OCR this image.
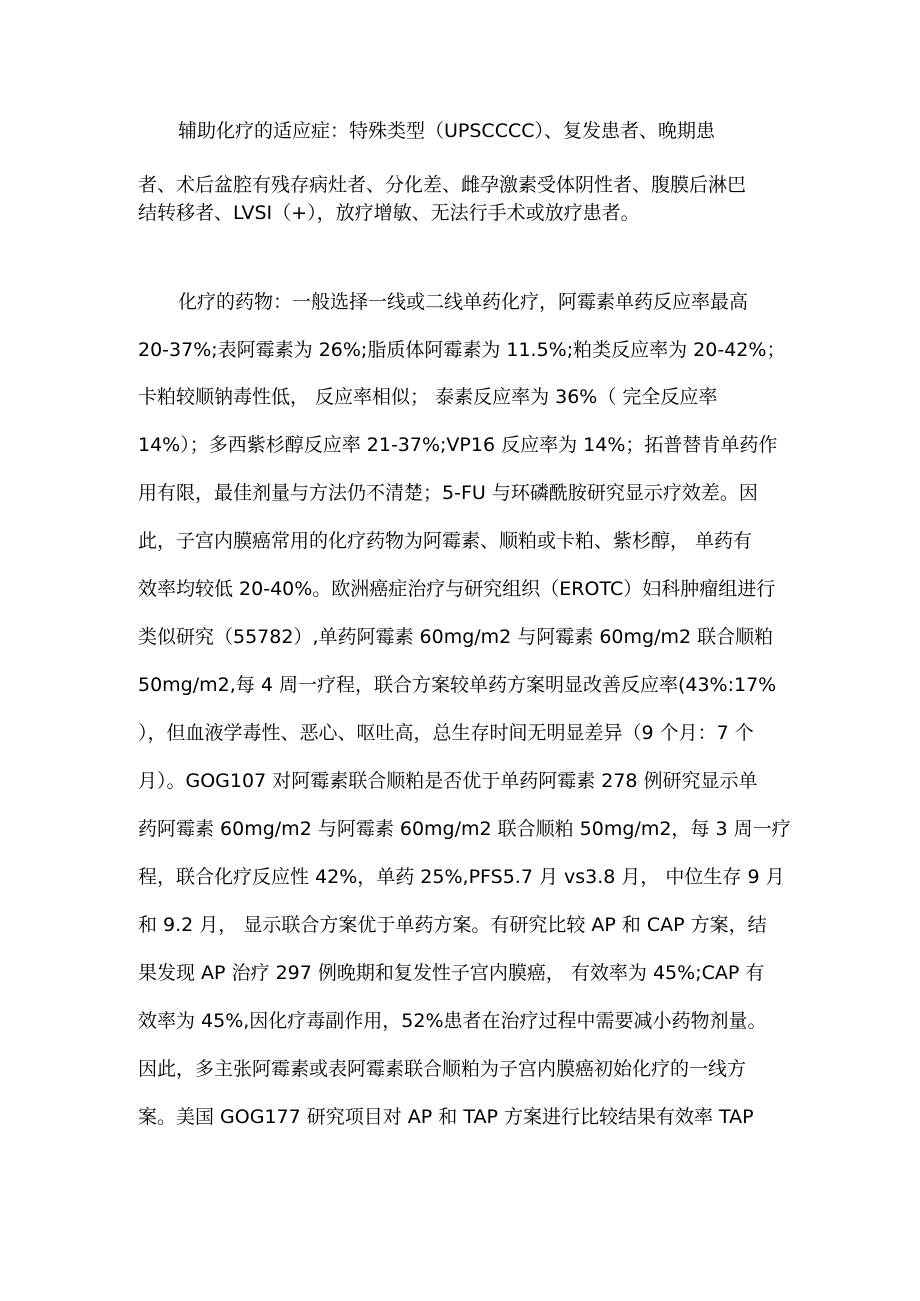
辅助化疗的适应症：特殊类型（UPSCCCC）、复发患者、晚期患
者、术后盆腔有残存病灶者、分化差、雌孕激素受体阴性者、腹膜后淋巴
结转移者、LVSI（+），放疗增敏、无法行手术或放疗患者。
化疗的药物：一般选择一线或二线单药化疗，阿霉素单药反应率最高
20-37%;表阿霉素为 26%;脂质体阿霉素为 11.5%;粕类反应率为 20-42%；
卡粕较顺钠毒性低， 反应率相似； 泰素反应率为 36%（ 完全反应率
14%）；多西紫杉醇反应率 21-37%;VP16 反应率为 14%；拓普替肯单药作
用有限，最佳剂量与方法仍不清楚；5-FU 与环磷酰胺研究显示疗效差。因
此，子宫内膜癌常用的化疗药物为阿霉素、顺粕或卡粕、紫杉醇， 单药有
效率均较低 20-40%。欧洲癌症治疗与研究组织（EROTC）妇科肿瘤组进行
类似研究（55782）,单药阿霉素 60mg/m2 与阿霉素 60mg/m2 联合顺粕
50mg/m2,每 4 周一疗程，联合方案较单药方案明显改善反应率(43%:17%
），但血液学毒性、恶心、呕吐高，总生存时间无明显差异（9 个月：7 个
月）。GOG107 对阿霉素联合顺粕是否优于单药阿霉素 278 例研究显示单
药阿霉素 60mg/m2 与阿霉素 60mg/m2 联合顺粕 50mg/m2，每 3 周一疗
程，联合化疗反应性 42%，单药 25%,PFS5.7 月 vs3.8 月， 中位生存 9 月
和 9.2 月， 显示联合方案优于单药方案。有研究比较 AP 和 CAP 方案，结
果发现 AP 治疗 297 例晚期和复发性子宫内膜癌， 有效率为 45%;CAP 有
效率为 45%,因化疗毒副作用，52%患者在治疗过程中需要减小药物剂量。
因此，多主张阿霉素或表阿霉素联合顺粕为子宫内膜癌初始化疗的一线方
案。美国 GOG177 研究项目对 AP 和 TAP 方案进行比较结果有效率 TAP
